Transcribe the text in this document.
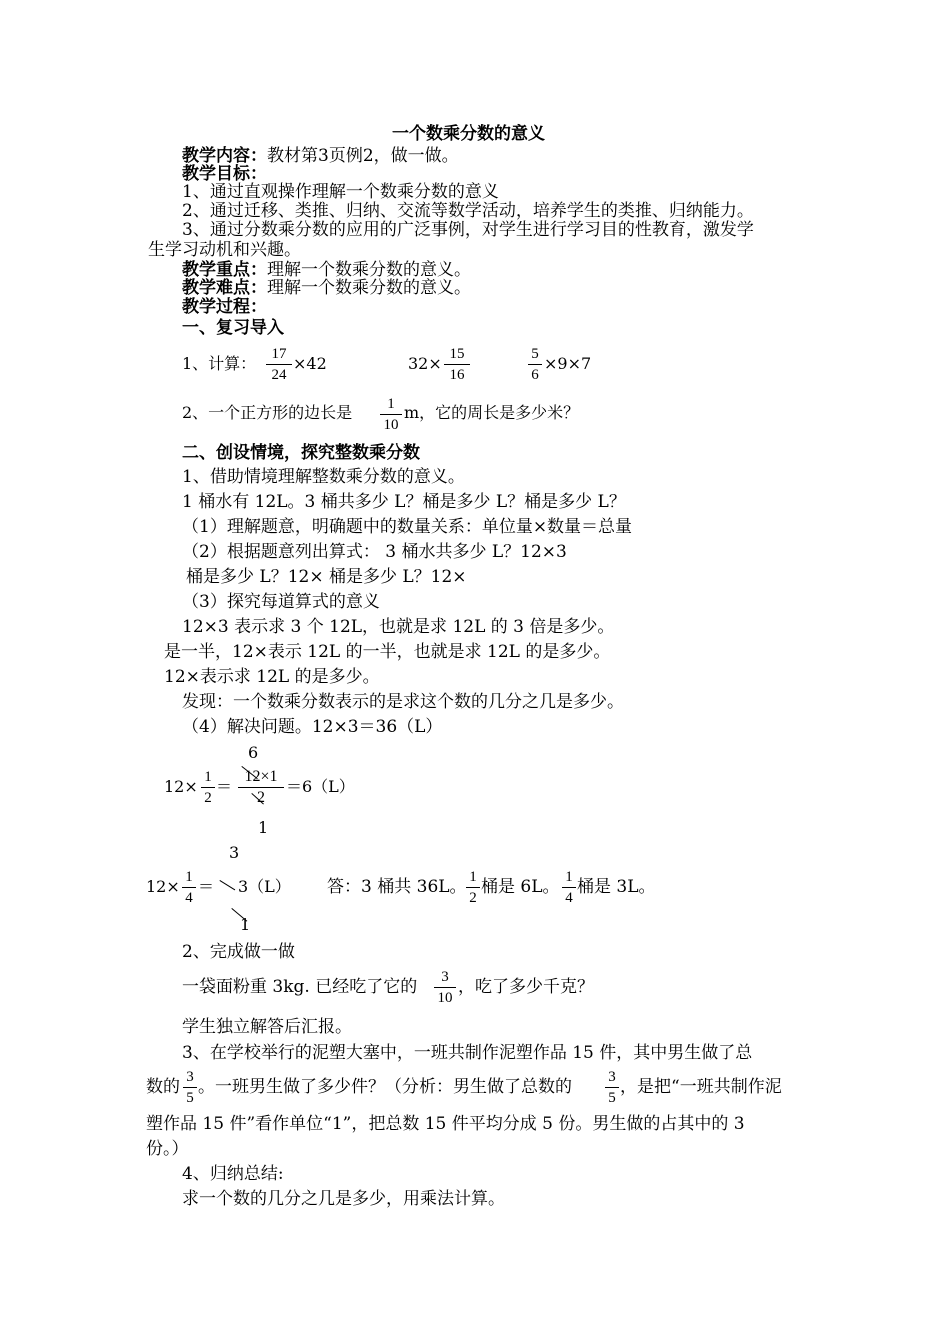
一个数乘分数的意义
教学内容：教材第3页例2，做一做。
教学目标：
1、通过直观操作理解一个数乘分数的意义
2、通过迁移、类推、归纳、交流等数学活动，培养学生的类推、归纳能力。
3、通过分数乘分数的应用的广泛事例，对学生进行学习目的性教育，激发学
生学习动机和兴趣。
教学重点：理解一个数乘分数的意义。
教学难点：理解一个数乘分数的意义。
教学过程：
一、复习导入
1、计算：	17
24
×42	32× 15
16
5
6
×9×7
2、一个正方形的边长是	1
10
m，它的周长是多少米？
二、创设情境，探究整数乘分数
1、借助情境理解整数乘分数的意义。
1 桶水有 12L。3 桶共多少 L？桶是多少 L？桶是多少 L？
（1）理解题意，明确题中的数量关系：单位量×数量＝总量
（2）根据题意列出算式： 3 桶水共多少 L？12×3
桶是多少 L？12× 桶是多少 L？12×
（3）探究每道算式的意义
12×3 表示求 3 个 12L，也就是求 12L 的 3 倍是多少。
是一半，12×表示 12L 的一半，也就是求 12L 的是多少。
12×表示求 12L 的是多少。
发现：一个数乘分数表示的是求这个数的几分之几是多少。
（4）解决问题。12×3＝36（L）
6
12× 1
2
＝
12×1
2
＝6（L）
1
3
12× 1
4
＝ 3（L）
1
答：3 桶共 36L。 1
2
桶是 6L。 1
4
桶是 3L。
2、完成做一做
一袋面粉重 3kg. 已经吃了它的	3
10
，吃了多少千克？
学生独立解答后汇报。
3、在学校举行的泥塑大塞中，一班共制作泥塑作品 15 件，其中男生做了总
数的 3
5
。一班男生做了多少件？（分析：男生做了总数的 3
5
，是把“一班共制作泥
塑作品 15 件”看作单位“1”，把总数 15 件平均分成 5 份。男生做的占其中的 3
份。）
4、归纳总结:
求一个数的几分之几是多少，用乘法计算。
